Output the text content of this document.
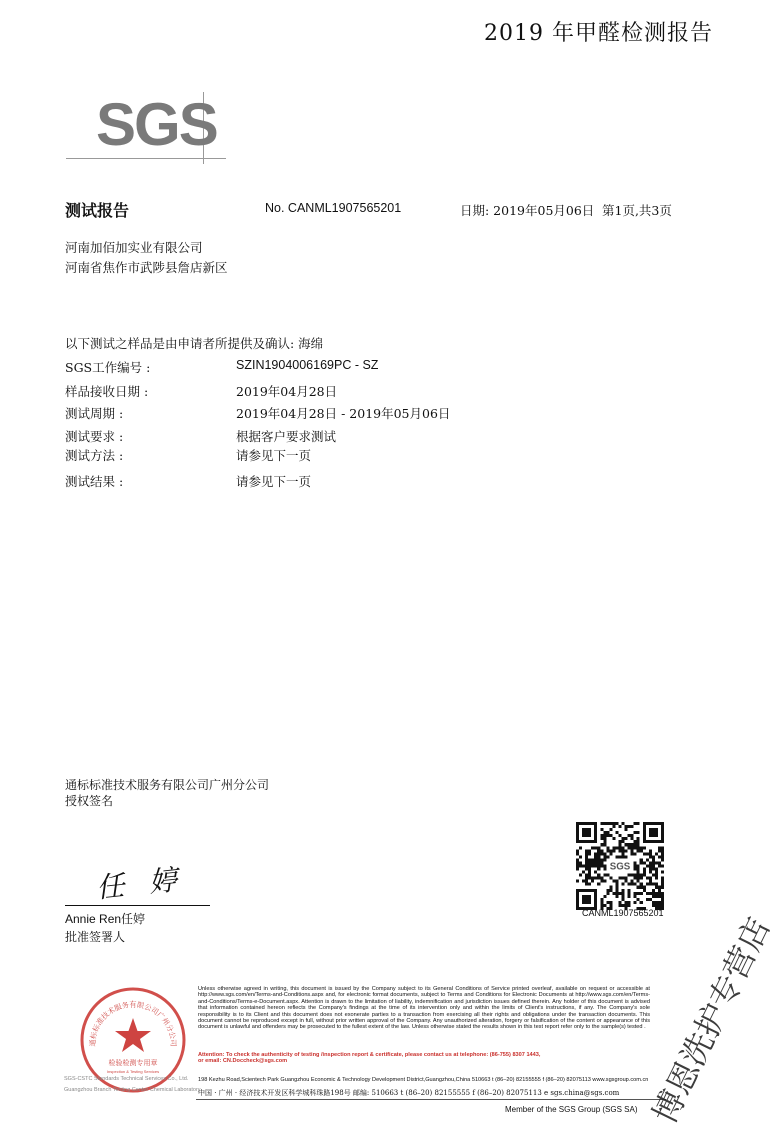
2019 年甲醛检测报告
SGS
测试报告	No. CANML1907565201	日期: 2019年05月06日 第1页,共3页
河南加佰加实业有限公司
河南省焦作市武陟县詹店新区
以下测试之样品是由申请者所提供及确认: 海绵
SGS工作编号 :	SZIN1904006169PC - SZ
样品接收日期 :	2019年04月28日
测试周期 :	2019年04月28日 - 2019年05月06日
测试要求 :	根据客户要求测试
测试方法 :	请参见下一页
测试结果 :	请参见下一页
通标标准技术服务有限公司广州分公司
授权签名
任 婷
Annie Ren任婷
批准签署人
SGS
CANML1907565201
通标标准技术服务有限公司广州分公司
检验检测专用章
Inspection & Testing Services
Unless otherwise agreed in writing, this document is issued by the Company subject to its General Conditions of Service printed overleaf, available on request or accessible at http://www.sgs.com/en/Terms-and-Conditions.aspx and, for electronic format documents, subject to Terms and Conditions for Electronic Documents at http://www.sgs.com/en/Terms-and-Conditions/Terms-e-Document.aspx. Attention is drawn to the limitation of liability, indemnification and jurisdiction issues defined therein. Any holder of this document is advised that information contained hereon reflects the Company's findings at the time of its intervention only and within the limits of Client's instructions, if any. The Company's sole responsibility is to its Client and this document does not exonerate parties to a transaction from exercising all their rights and obligations under the transaction documents. This document cannot be reproduced except in full, without prior written approval of the Company. Any unauthorized alteration, forgery or falsification of the content or appearance of this document is unlawful and offenders may be prosecuted to the fullest extent of the law. Unless otherwise stated the results shown in this test report refer only to the sample(s) tested .
Attention: To check the authenticity of testing /inspection report & certificate, please contact us at telephone: (86-755) 8307 1443,
or email: CN.Doccheck@sgs.com
SGS-CSTC Standards Technical Services Co., Ltd.
Guangzhou Branch Testing Center Chemical Laboratory
198 Kezhu Road,Scientech Park Guangzhou Economic & Technology Development District,Guangzhou,China 510663 t (86–20) 82155555 f (86–20) 82075113 www.sgsgroup.com.cn
中国 · 广州 · 经济技术开发区科学城科珠路198号 邮编: 510663 t (86–20) 82155555 f (86–20) 82075113 e sgs.china@sgs.com
Member of the SGS Group (SGS SA) 博恩洗护专营店
